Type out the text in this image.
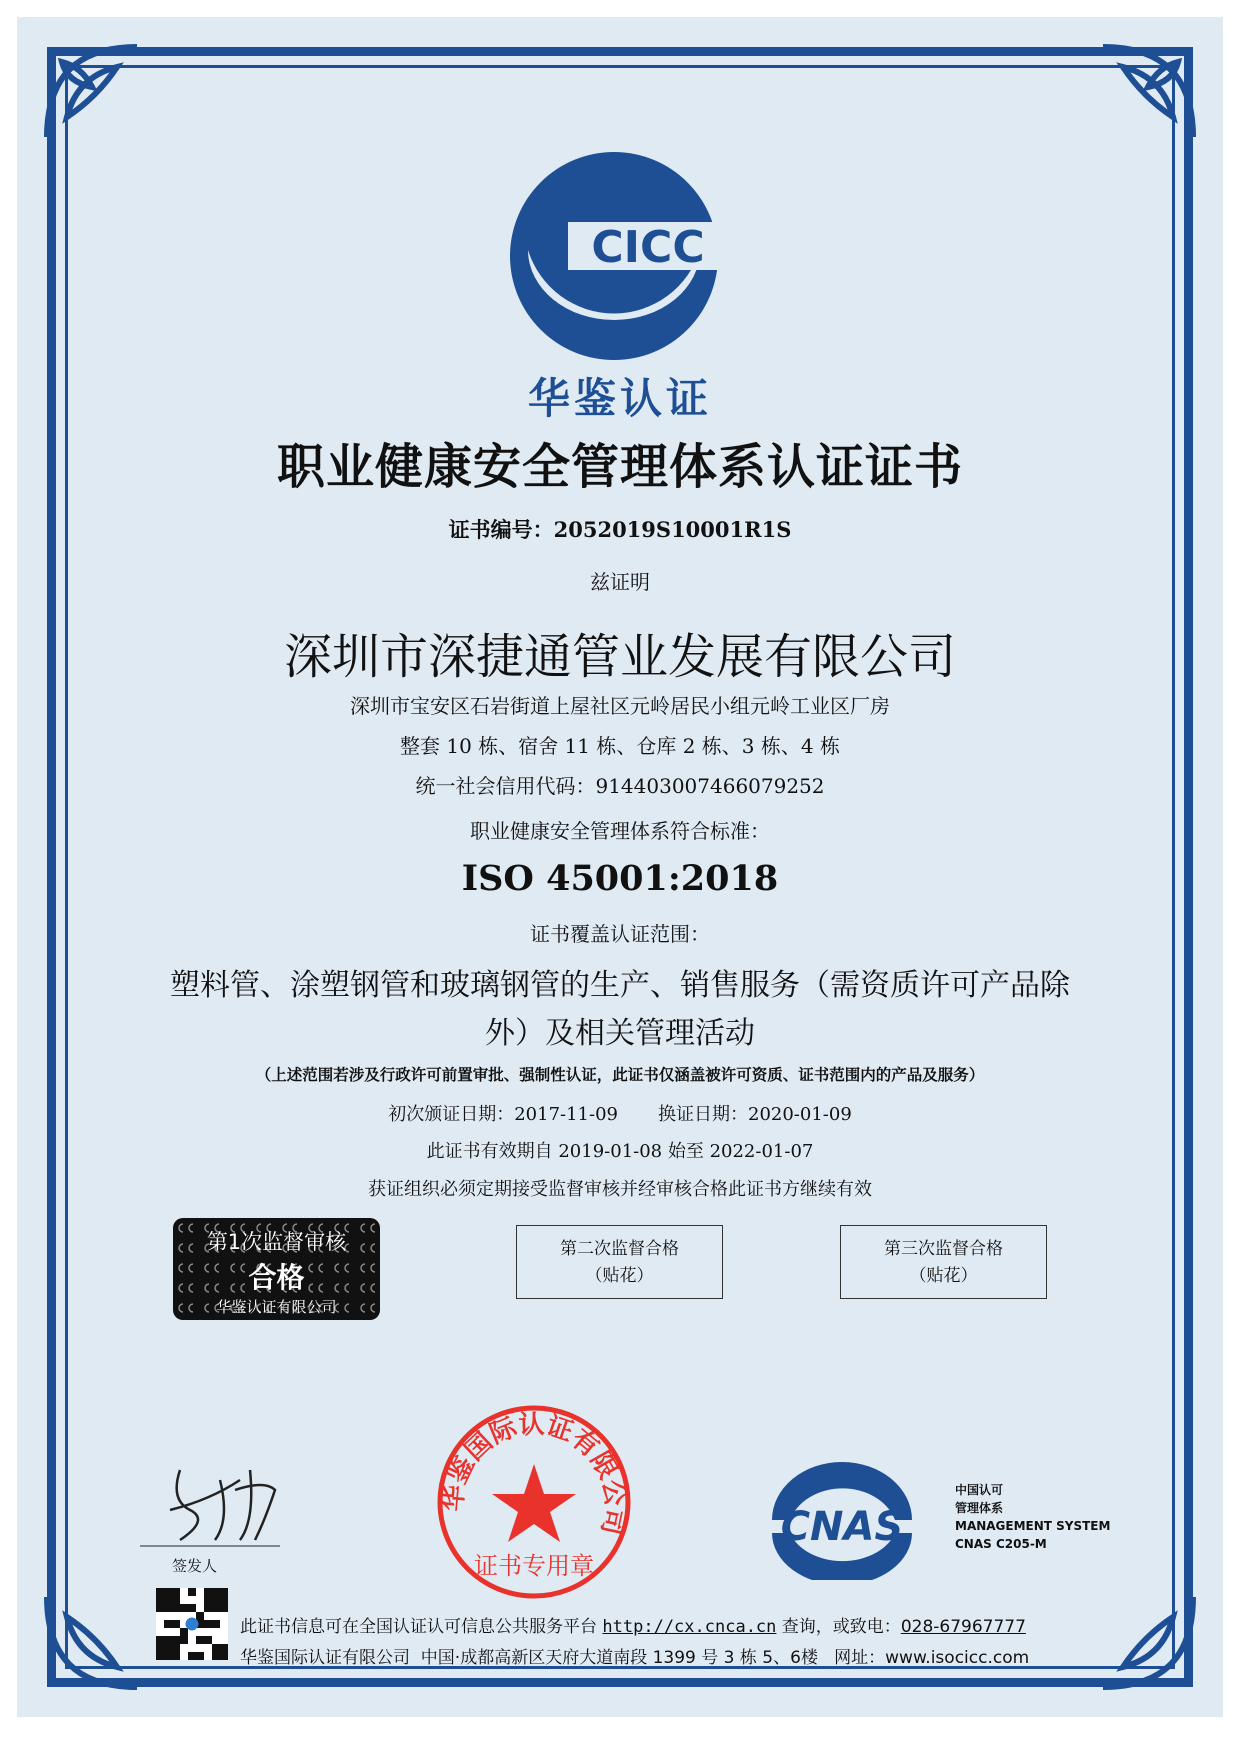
CICC
华鉴认证
职业健康安全管理体系认证证书
证书编号：2052019S10001R1S
兹证明
深圳市深捷通管业发展有限公司
深圳市宝安区石岩街道上屋社区元岭居民小组元岭工业区厂房
整套 10 栋、宿舍 11 栋、仓库 2 栋、3 栋、4 栋
统一社会信用代码：914403007466079252
职业健康安全管理体系符合标准：
ISO 45001:2018
证书覆盖认证范围：
塑料管、涂塑钢管和玻璃钢管的生产、销售服务（需资质许可产品除
外）及相关管理活动
（上述范围若涉及行政许可前置审批、强制性认证，此证书仅涵盖被许可资质、证书范围内的产品及服务）
初次颁证日期：2017-11-09 换证日期：2020-01-09
此证书有效期自 2019-01-08 始至 2022-01-07
获证组织必须定期接受监督审核并经审核合格此证书方继续有效
第1次监督审核
合格
华鉴认证有限公司
第二次监督合格
（贴花）
第三次监督合格
（贴花）
签发人
华鉴国际认证有限公司
证书专用章
CNAS
中国认可
管理体系
MANAGEMENT SYSTEM
CNAS C205-M
此证书信息可在全国认证认可信息公共服务平台 http://cx.cnca.cn 查询，或致电：028-67967777
华鉴国际认证有限公司  中国·成都高新区天府大道南段 1399 号 3 栋 5、6楼   网址：www.isocicc.com
